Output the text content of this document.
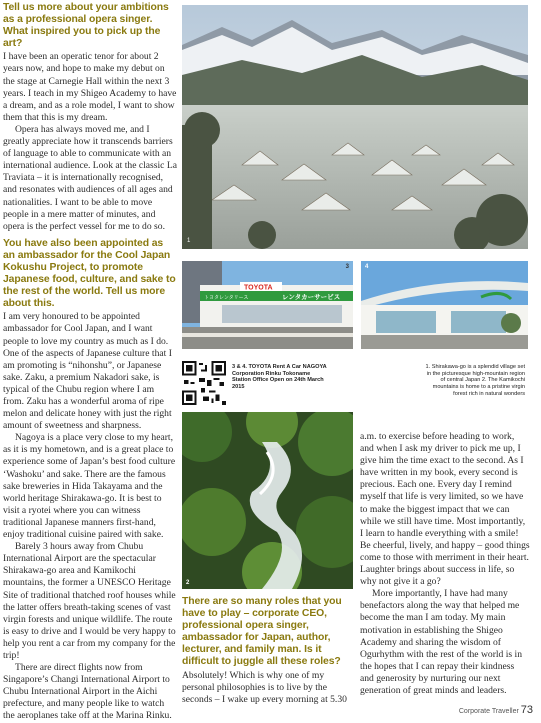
Tell us more about your ambitions as a professional opera singer. What inspired you to pick up the art?

I have been an operatic tenor for about 2 years now, and hope to make my debut on the stage at Carnegie Hall within the next 3 years. I teach in my Shigeo Academy to have a dream, and as a role model, I want to show them that this is my dream.

Opera has always moved me, and I greatly appreciate how it transcends barriers of language to able to communicate with an international audience. Look at the classic La Traviata – it is internationally recognised, and resonates with audiences of all ages and nationalities. I want to be able to move people in a mere matter of minutes, and opera is the perfect vessel for me to do so.

You have also been appointed as an ambassador for the Cool Japan Kokushu Project, to promote Japanese food, culture, and sake to the rest of the world. Tell us more about this.

I am very honoured to be appointed ambassador for Cool Japan, and I want people to love my country as much as I do. One of the aspects of Japanese culture that I am promoting is “nihonshu”, or Japanese sake. Zaku, a premium Nakadori sake, is typical of the Chubu region where I am from. Zaku has a wonderful aroma of ripe melon and delicate honey with just the right amount of sweetness and sharpness.

Nagoya is a place very close to my heart, as it is my hometown, and is a great place to experience some of Japan’s best food culture ‘Washoku’ and sake. There are the famous sake breweries in Hida Takayama and the world heritage Shirakawa-go. It is best to visit a ryotei where you can witness traditional Japanese manners first-hand, enjoy traditional cuisine paired with sake.

Barely 3 hours away from Chubu International Airport are the spectacular Shirakawa-go area and Kamikochi mountains, the former a UNESCO Heritage Site of traditional thatched roof houses while the latter offers breath-taking scenes of vast virgin forests and unique wildlife. The route is easy to drive and I would be very happy to help you rent a car from my company for the trip!

There are direct flights now from Singapore’s Changi International Airport to Chubu International Airport in the Aichi prefecture, and many people like to watch the aeroplanes take off at the Marina Rinku.

1
レンタカーサービス
TOYOTA
トヨタレンタリース
3	4
3 & 4. TOYOTA Rent A Car NAGOYA Corporation Rinku Tokoname Station Office Open on 24th March 2015
1. Shirakawa-go is a splendid village set in the picturesque high-mountain region of central Japan 2. The Kamikochi mountains is home to a pristine virgin forest rich in natural wonders
2
There are so many roles that you have to play – corporate CEO, professional opera singer, ambassador for Japan, author, lecturer, and family man. Is it difficult to juggle all these roles?

Absolutely! Which is why one of my personal philosophies is to live by the seconds – I wake up every morning at 5.30

a.m. to exercise before heading to work, and when I ask my driver to pick me up, I give him the time exact to the second. As I have written in my book, every second is precious. Each one. Every day I remind myself that life is very limited, so we have to make the biggest impact that we can while we still have time. Most importantly, I learn to handle everything with a smile! Be cheerful, lively, and happy – good things come to those with merriment in their heart. Laughter brings about success in life, so why not give it a go?

More importantly, I have had many benefactors along the way that helped me become the man I am today. My main motivation in establishing the Shigeo Academy and sharing the wisdom of Ogurhythm with the rest of the world is in the hopes that I can repay their kindness and generosity by nurturing our next generation of great minds and leaders.

Corporate Traveller 73
